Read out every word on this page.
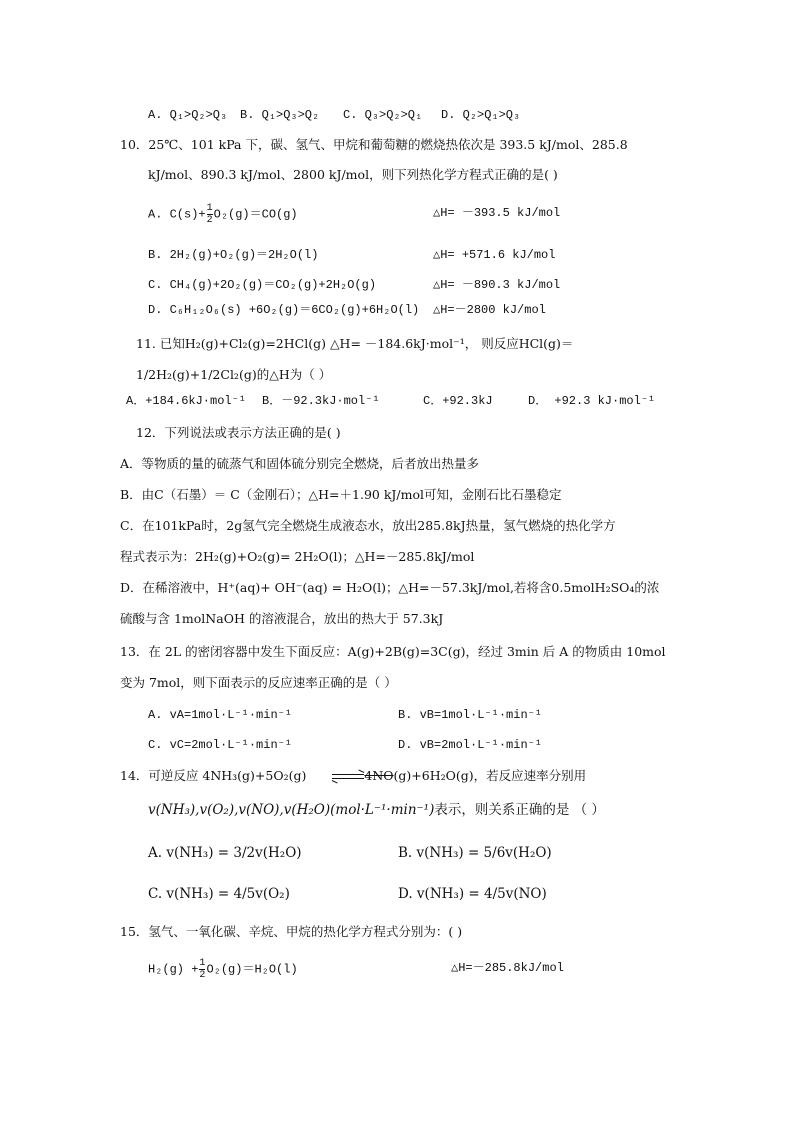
A. Q₁>Q₂>Q₃ B. Q₁>Q₃>Q₂ C. Q₃>Q₂>Q₁ D. Q₂>Q₁>Q₃
10．25℃、101 kPa 下，碳、氢气、甲烷和葡萄糖的燃烧热依次是 393.5 kJ/mol、285.8
kJ/mol、890.3 kJ/mol、2800 kJ/mol，则下列热化学方程式正确的是( )
A. $C(s)+ \frac{1}{2} O_2(g)=CO(g)$	△H= －393.5 kJ/mol
B. 2H₂(g)+O₂(g)＝2H₂O(l)	△H= +571.6 kJ/mol
C. CH₄(g)+2O₂(g)＝CO₂(g)+2H₂O(g)	△H= －890.3 kJ/mol
D. C₆H₁₂O₆(s) +6O₂(g)＝6CO₂(g)+6H₂O(l) △H=－2800 kJ/mol
11. 已知H₂(g)+Cl₂(g)=2HCl(g) △H= －184.6kJ·mol⁻¹， 则反应HCl(g)＝
1/2H₂(g)+1/2Cl₂(g)的△H为（ ）
A．+184.6kJ·mol⁻¹ B．－92.3kJ·mol⁻¹	C．+92.3kJ	D． +92.3 kJ·mol⁻¹
12．下列说法或表示方法正确的是( )
A．等物质的量的硫蒸气和固体硫分别完全燃烧，后者放出热量多
B．由C（石墨）＝ C（金刚石）；△H=＋1.90 kJ/mol可知，金刚石比石墨稳定
C．在101kPa时，2g氢气完全燃烧生成液态水，放出285.8kJ热量，氢气燃烧的热化学方
程式表示为：2H₂(g)+O₂(g)= 2H₂O(l)；△H=－285.8kJ/mol
D．在稀溶液中，H⁺(aq)+ OH⁻(aq) = H₂O(l)；△H=－57.3kJ/mol,若将含0.5molH₂SO₄的浓
硫酸与含 1molNaOH 的溶液混合，放出的热大于 57.3kJ
13．在 2L 的密闭容器中发生下面反应：A(g)+2B(g)=3C(g)，经过 3min 后 A 的物质由 10mol
变为 7mol，则下面表示的反应速率正确的是（ ）
A. vA=1mol·L⁻¹·min⁻¹	B. vB=1mol·L⁻¹·min⁻¹
C. vC=2mol·L⁻¹·min⁻¹	D. vB=2mol·L⁻¹·min⁻¹
14．可逆反应 4NH₃(g)+5O₂(g)	4NO(g)+6H₂O(g)，若反应速率分别用
v(NH₃),v(O₂),v(NO),v(H₂O)(mol·L⁻¹·min⁻¹)表示，则关系正确的是 （ ）
A. v(NH₃) = 3/2v(H₂O)	B. v(NH₃) = 5/6v(H₂O)
C. v(NH₃) = 4/5v(O₂)	D. v(NH₃) = 4/5v(NO)
15．氢气、一氧化碳、辛烷、甲烷的热化学方程式分别为：( )
$H_2(g) + \frac{1}{2} O_2(g)=H_2O(l)$	△H=－285.8kJ/mol
